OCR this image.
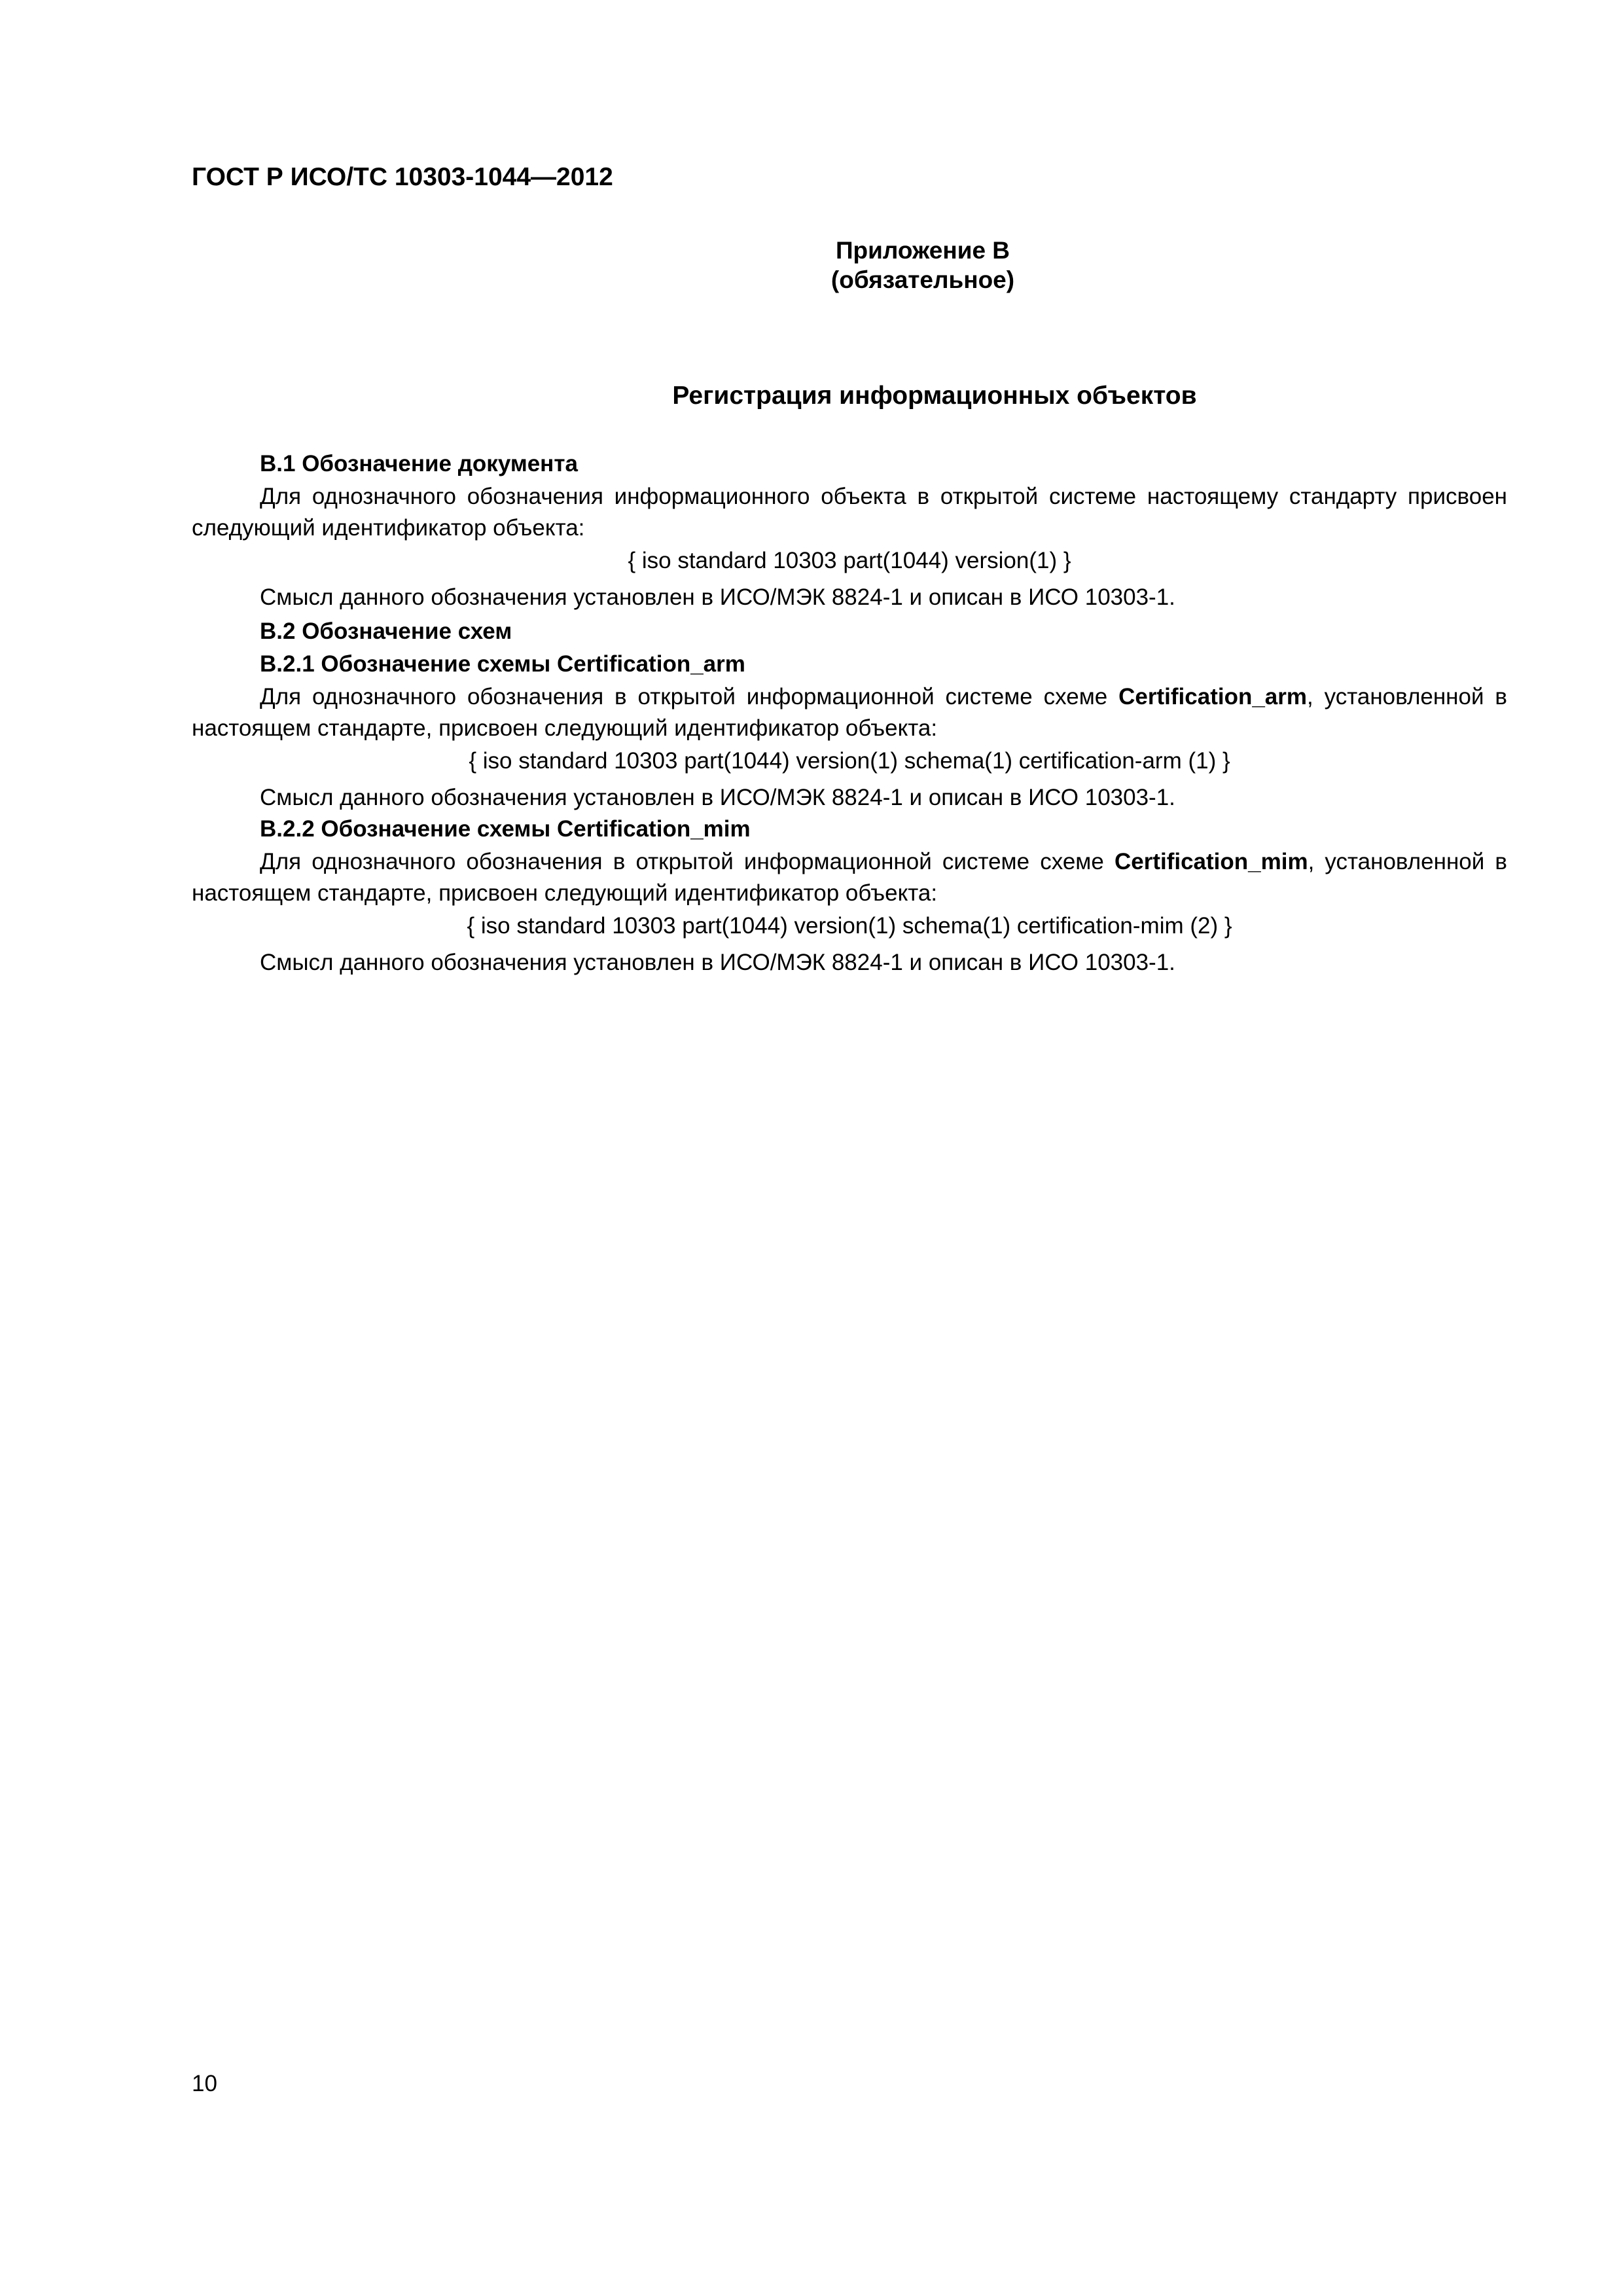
ГОСТ Р ИСО/ТС 10303-1044—2012
Приложение В
(обязательное)
Регистрация информационных объектов

В.1 Обозначение документа

Для однозначного обозначения информационного объекта в открытой системе настоящему стандарту присвоен следующий идентификатор объекта:

{ iso standard 10303 part(1044) version(1) }

Смысл данного обозначения установлен в ИСО/МЭК 8824-1 и описан в ИСО 10303-1.

В.2 Обозначение схем

В.2.1 Обозначение схемы Certification_arm

Для однозначного обозначения в открытой информационной системе схеме Certification_arm, установленной в настоящем стандарте, присвоен следующий идентификатор объекта:

{ iso standard 10303 part(1044) version(1) schema(1) certification-arm (1) }

Смысл данного обозначения установлен в ИСО/МЭК 8824-1 и описан в ИСО 10303-1.

В.2.2 Обозначение схемы Certification_mim

Для однозначного обозначения в открытой информационной системе схеме Certification_mim, установленной в настоящем стандарте, присвоен следующий идентификатор объекта:

{ iso standard 10303 part(1044) version(1) schema(1) certification-mim (2) }

Смысл данного обозначения установлен в ИСО/МЭК 8824-1 и описан в ИСО 10303-1.

10
